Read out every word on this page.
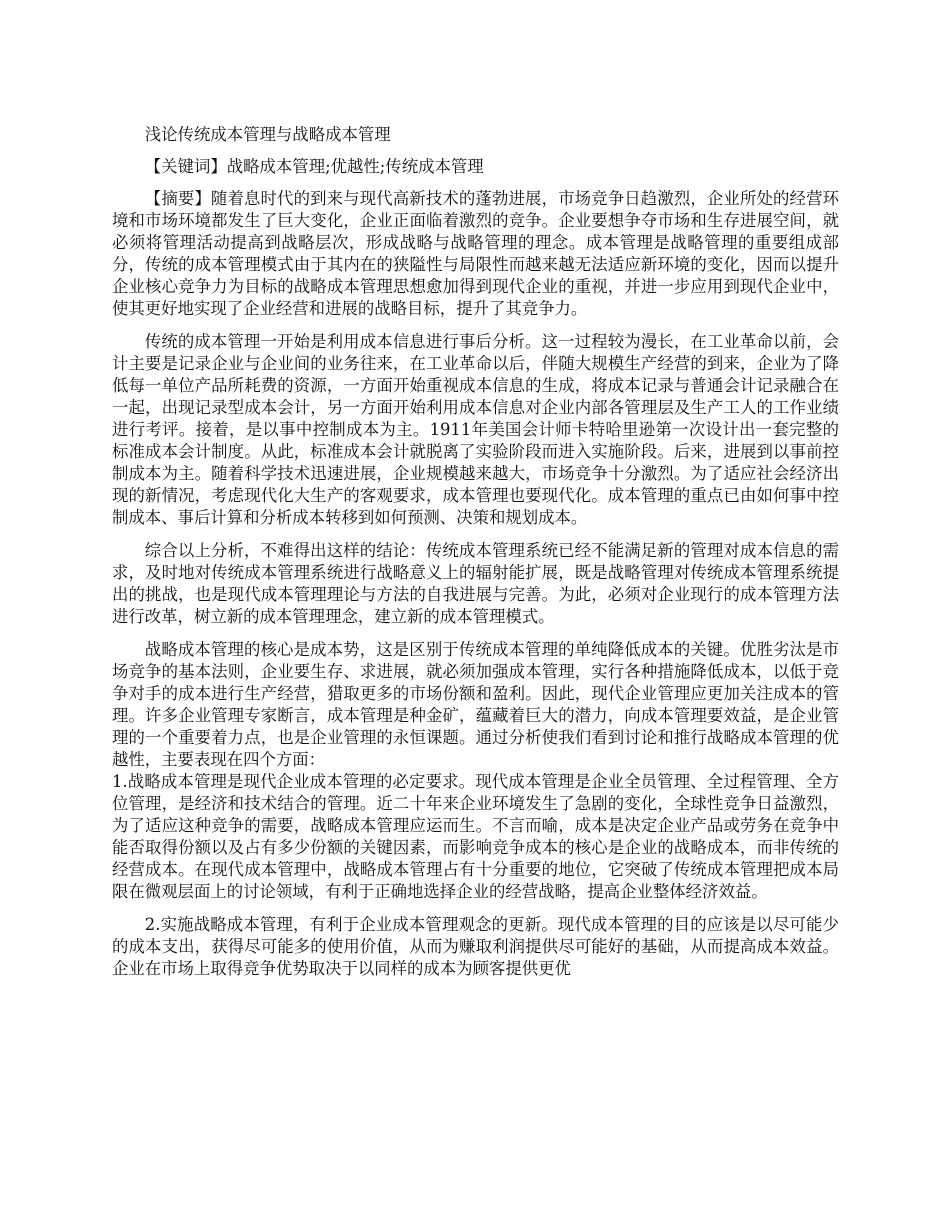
浅论传统成本管理与战略成本管理
【关键词】战略成本管理;优越性;传统成本管理

【摘要】随着息时代的到来与现代高新技术的蓬勃进展，市场竞争日趋激烈，企业所处的经营环境和市场环境都发生了巨大变化，企业正面临着激烈的竞争。企业要想争夺市场和生存进展空间，就必须将管理活动提高到战略层次，形成战略与战略管理的理念。成本管理是战略管理的重要组成部分，传统的成本管理模式由于其内在的狭隘性与局限性而越来越无法适应新环境的变化，因而以提升企业核心竞争力为目标的战略成本管理思想愈加得到现代企业的重视，并进一步应用到现代企业中，使其更好地实现了企业经营和进展的战略目标，提升了其竞争力。

传统的成本管理一开始是利用成本信息进行事后分析。这一过程较为漫长，在工业革命以前，会计主要是记录企业与企业间的业务往来，在工业革命以后，伴随大规模生产经营的到来，企业为了降低每一单位产品所耗费的资源，一方面开始重视成本信息的生成，将成本记录与普通会计记录融合在一起，出现记录型成本会计，另一方面开始利用成本信息对企业内部各管理层及生产工人的工作业绩进行考评。接着，是以事中控制成本为主。1911年美国会计师卡特哈里逊第一次设计出一套完整的标准成本会计制度。从此，标准成本会计就脱离了实验阶段而进入实施阶段。后来，进展到以事前控制成本为主。随着科学技术迅速进展，企业规模越来越大，市场竞争十分激烈。为了适应社会经济出现的新情况，考虑现代化大生产的客观要求，成本管理也要现代化。成本管理的重点已由如何事中控制成本、事后计算和分析成本转移到如何预测、决策和规划成本。

综合以上分析，不难得出这样的结论：传统成本管理系统已经不能满足新的管理对成本信息的需求，及时地对传统成本管理系统进行战略意义上的辐射能扩展，既是战略管理对传统成本管理系统提出的挑战，也是现代成本管理理论与方法的自我进展与完善。为此，必须对企业现行的成本管理方法进行改革，树立新的成本管理理念，建立新的成本管理模式。

战略成本管理的核心是成本势，这是区别于传统成本管理的单纯降低成本的关键。优胜劣汰是市场竞争的基本法则，企业要生存、求进展，就必须加强成本管理，实行各种措施降低成本，以低于竞争对手的成本进行生产经营，猎取更多的市场份额和盈利。因此，现代企业管理应更加关注成本的管理。许多企业管理专家断言，成本管理是种金矿，蕴藏着巨大的潜力，向成本管理要效益，是企业管理的一个重要着力点，也是企业管理的永恒课题。通过分析使我们看到讨论和推行战略成本管理的优越性，主要表现在四个方面：

1.战略成本管理是现代企业成本管理的必定要求。现代成本管理是企业全员管理、全过程管理、全方位管理，是经济和技术结合的管理。近二十年来企业环境发生了急剧的变化，全球性竞争日益激烈，为了适应这种竞争的需要，战略成本管理应运而生。不言而喻，成本是决定企业产品或劳务在竞争中能否取得份额以及占有多少份额的关键因素，而影响竞争成本的核心是企业的战略成本，而非传统的经营成本。在现代成本管理中，战略成本管理占有十分重要的地位，它突破了传统成本管理把成本局限在微观层面上的讨论领域，有利于正确地选择企业的经营战略，提高企业整体经济效益。

2.实施战略成本管理，有利于企业成本管理观念的更新。现代成本管理的目的应该是以尽可能少的成本支出，获得尽可能多的使用价值，从而为赚取利润提供尽可能好的基础，从而提高成本效益。企业在市场上取得竞争优势取决于以同样的成本为顾客提供更优
